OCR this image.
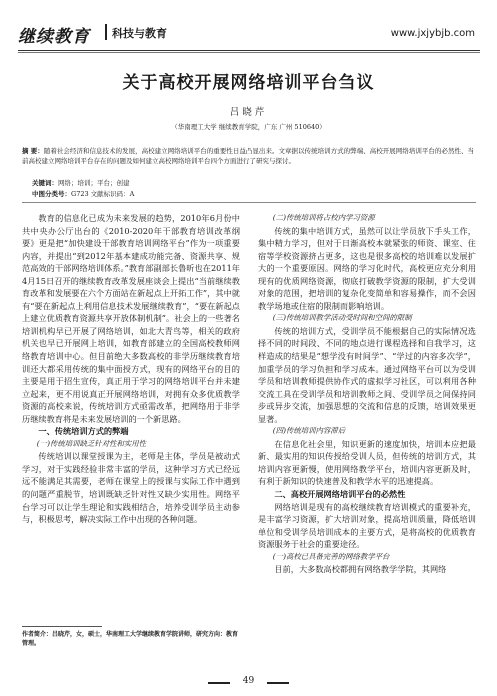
继续教育 科技与教育	www.jxjybjb.com
关于高校开展网络培训平台刍议
吕晓芹
（华南理工大学 继续教育学院，广东 广州 510640）
摘 要：随着社会经济和信息技术的发展，高校建立网络培训平台的重要性日益凸显出来。文章据以传统培训方式的弊端、高校开展网络培训平台的必然性、当前高校建立网络培训平台存在的问题及如何建立高校网络培训平台四个方面进行了研究与探讨。
关键词：网络；培训；平台；创建
中图分类号：G723 文献标识码：A

教育的信息化已成为未来发展的趋势，2010年6月份中共中央办公厅出台的《2010-2020年干部教育培训改革纲要》更是把“加快建设干部教育培训网络平台”作为一项重要内容，并提出“到2012年基本建成功能完备、资源共享、规范高效的干部网络培训体系。”教育部副部长鲁昕也在2011年4月15日召开的继续教育改革发展座谈会上提出“当前继续教育改革和发展要在六个方面站在新起点上开拓工作”，其中就有“要在新起点上利用信息技术发展继续教育”，“要在新起点上建立优质教育资源共享开放体制机制”。社会上的一些著名培训机构早已开展了网络培训，如北大青鸟等，相关的政府机关也早已开展网上培训，如教育部建立的全国高校教师网络教育培训中心。但目前绝大多数高校的非学历继续教育培训还大都采用传统的集中面授方式，现有的网络平台的目的主要是用于招生宣传，真正用于学习的网络培训平台并未建立起来，更不用说真正开展网络培训，对拥有众多优质教学资源的高校来说，传统培训方式亟需改革，把网络用于非学历继续教育将是未来发展培训的一个新思路。

一、传统培训方式的弊端

(一)传统培训缺乏针对性和实用性

传统培训以课堂授课为主，老师是主体，学员是被动式学习，对于实践经验非常丰富的学员，这种学习方式已经远远不能满足其需要，老师在课堂上的授课与实际工作中遇到的问题严重脱节，培训既缺乏针对性又缺少实用性。网络平台学习可以让学生理论和实践相结合，培养受训学员主动参与，积极思考，解决实际工作中出现的各种问题。

(二)传统培训将占校内学习资源

传统的集中培训方式，虽然可以让学员放下手头工作，集中精力学习，但对于日渐高校本就紧张的师资、课室、住宿等学校资源挤占更多，这也是很多高校的培训难以发展扩大的一个重要原因。网络的学习化时代，高校更应充分利用现有的优质网络资源，彻底打破教学资源的限制，扩大受训对象的范围，把培训的复杂化变简单和容易操作，而不会因教学场地或住宿的限制而影响培训。

(三)传统培训教学活动受时间和空间的限制

传统的培训方式，受训学员不能根据自己的实际情况选择不同的时间段、不同的地点进行课程选择和自我学习，这样造成的结果是“想学没有时间学”、“学过的内容多次学”，加重学员的学习负担和学习成本。通过网络平台可以为受训学员和培训教师提供协作式的虚拟学习社区，可以利用各种交流工具在受训学员和培训教师之间、受训学员之间保持同步或异步交流，加强思想的交流和信息的反馈，培训效果更显著。

(四)传统培训内容滞后

在信息化社会里，知识更新的速度加快，培训本应把最新、最实用的知识传授给受训人员，但传统的培训方式，其培训内容更新慢，使用网络教学平台，培训内容更新及时，有利于新知识的快速普及和教学水平的迅速提高。

二、高校开展网络培训平台的必然性

网络培训是现有的高校继续教育培训模式的重要补充，是丰富学习资源，扩大培训对象，提高培训质量，降低培训单位和受训学员培训成本的主要方式，是将高校的优质教育资源服务于社会的重要途径。

(一)高校已具备完善的网络教学平台

目前，大多数高校都拥有网络教学学院，其网络

作者简介：吕晓芹，女，硕士，华南理工大学继续教育学院讲师，研究方向：教育管理。
49
